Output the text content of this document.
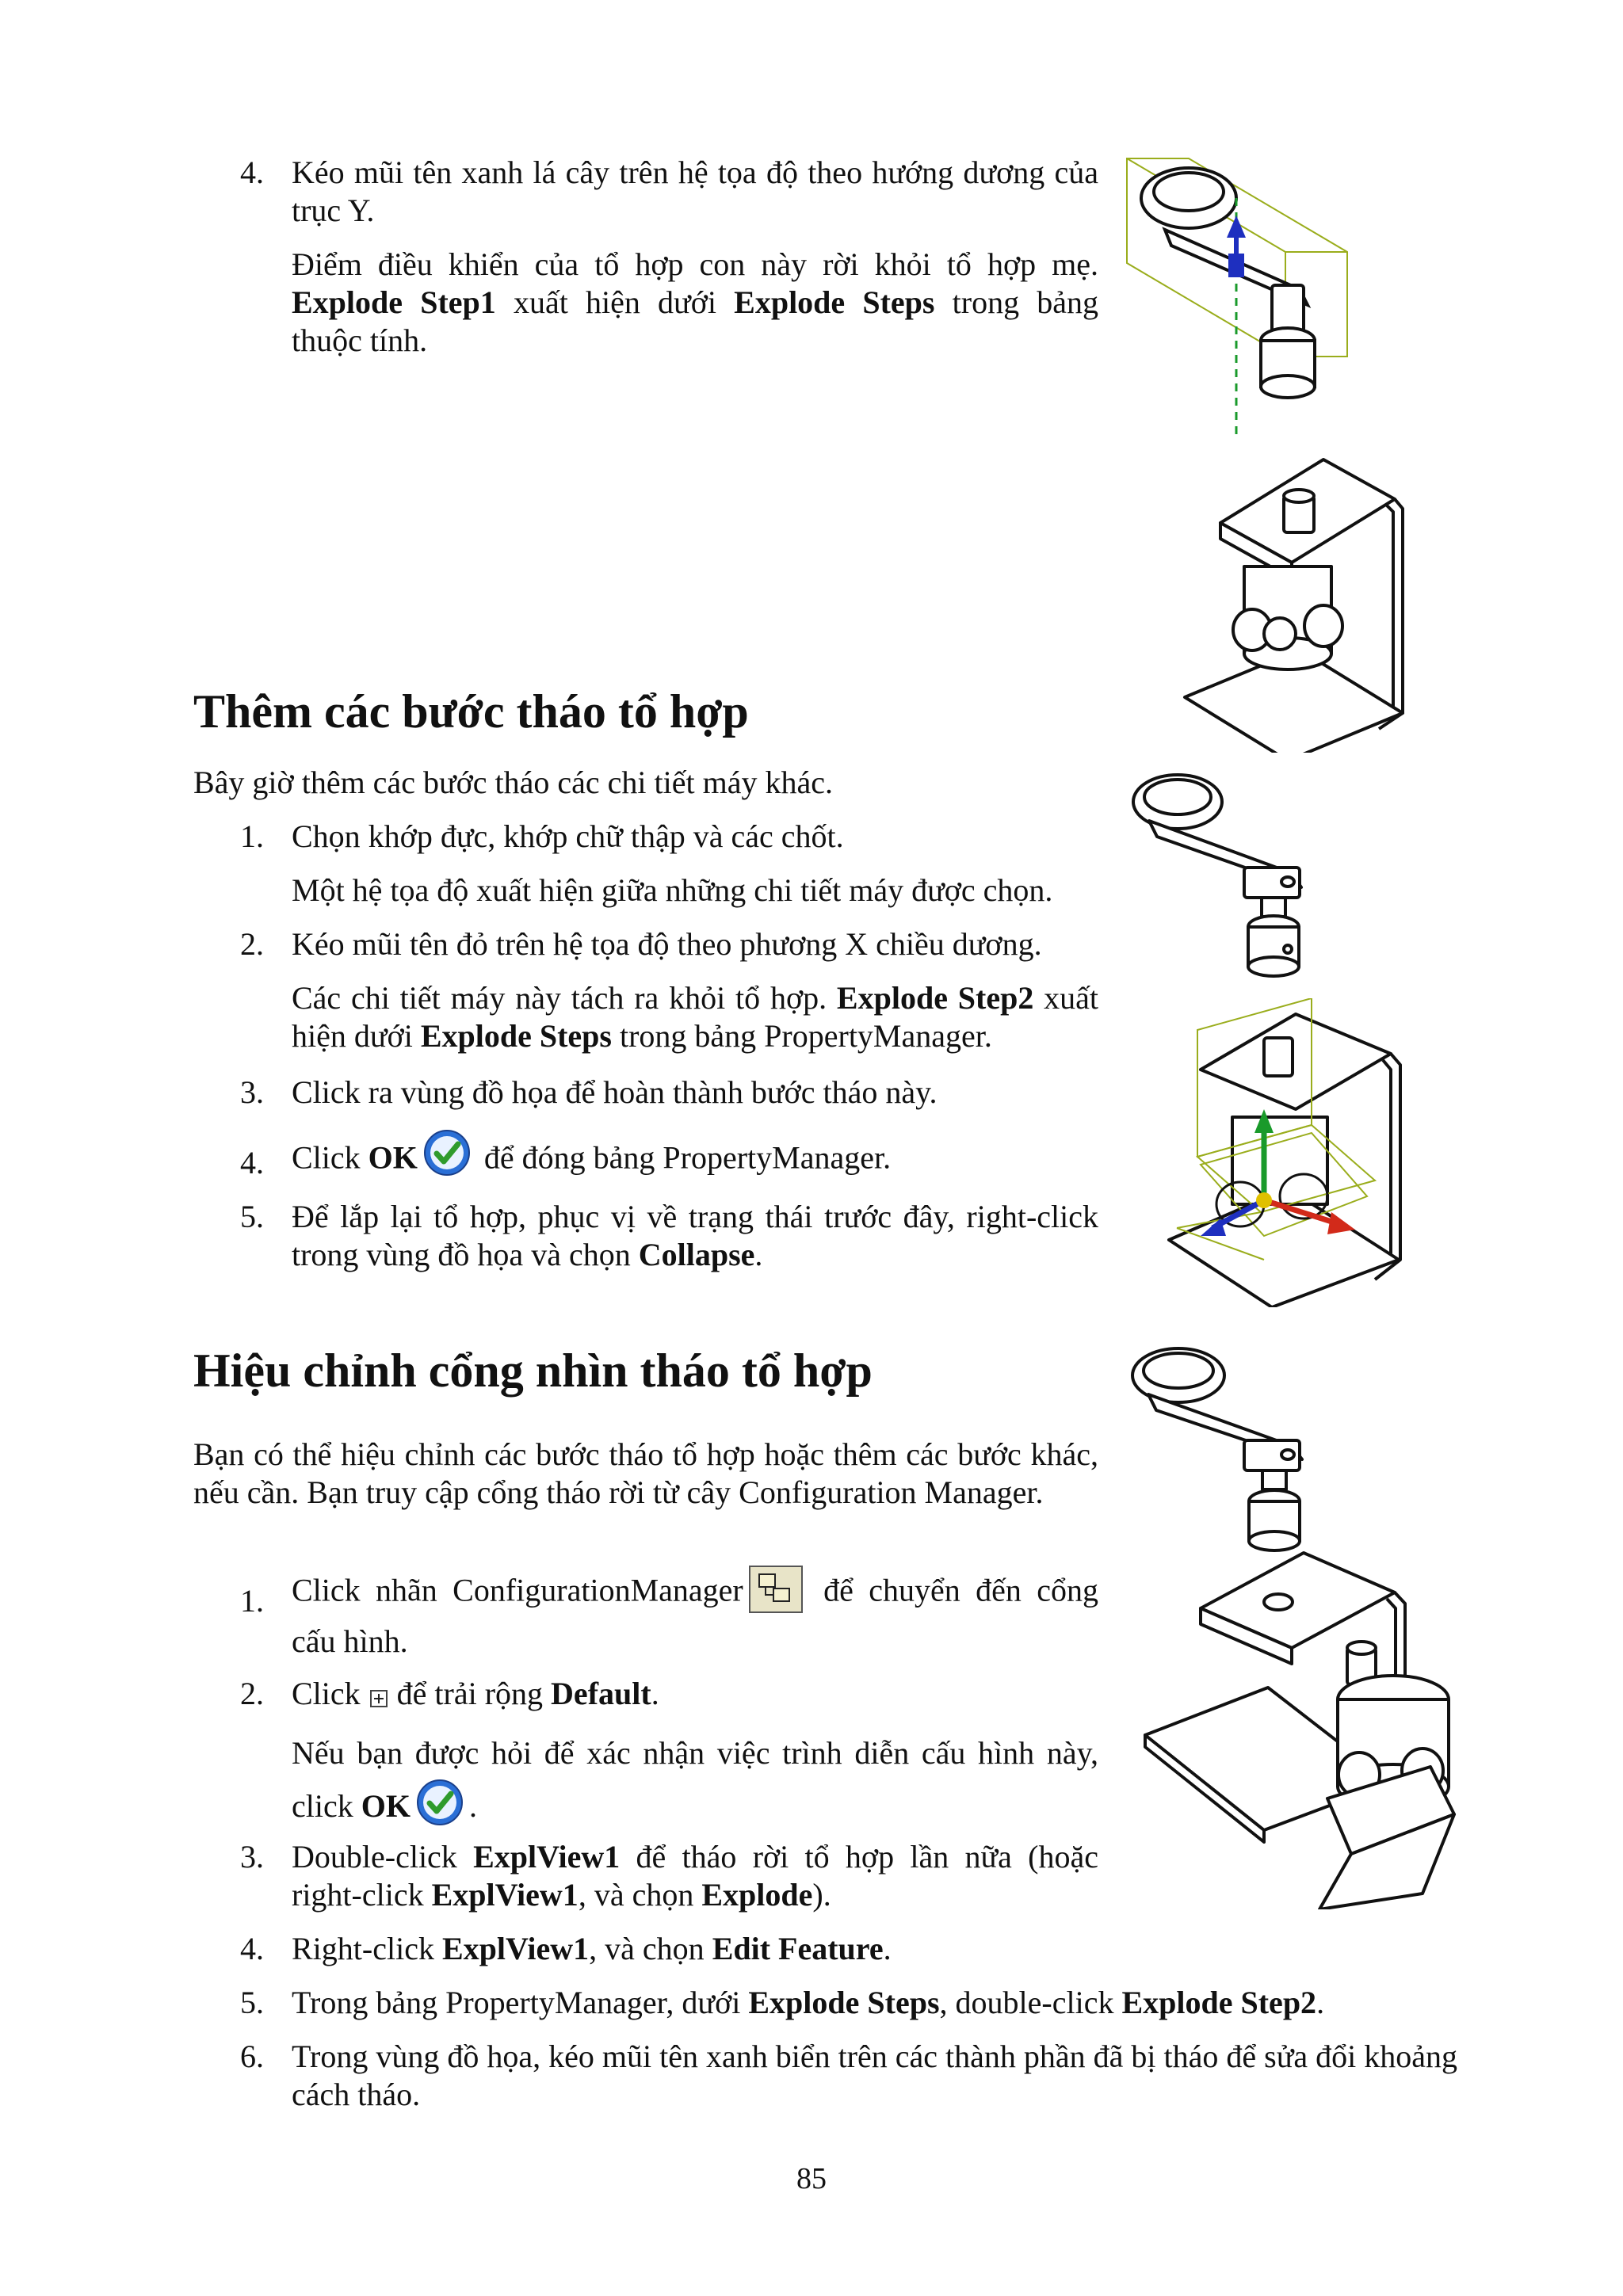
4. Kéo mũi tên xanh lá cây trên hệ tọa độ theo hướng dương của trục Y.

Điểm điều khiển của tổ hợp con này rời khỏi tổ hợp mẹ. Explode Step1 xuất hiện dưới Explode Steps trong bảng thuộc tính.

Thêm các bước tháo tổ hợp

Bây giờ thêm các bước tháo các chi tiết máy khác.

1. Chọn khớp đực, khớp chữ thập và các chốt.

Một hệ tọa độ xuất hiện giữa những chi tiết máy được chọn.

2. Kéo mũi tên đỏ trên hệ tọa độ theo phương X chiều dương.

Các chi tiết máy này tách ra khỏi tổ hợp. Explode Step2 xuất hiện dưới Explode Steps trong bảng PropertyManager.

3. Click ra vùng đồ họa để hoàn thành bước tháo này.

4. Click OK để đóng bảng PropertyManager.

5. Để lắp lại tổ hợp, phục vị về trạng thái trước đây, right-click trong vùng đồ họa và chọn Collapse.

Hiệu chỉnh cổng nhìn tháo tổ hợp

Bạn có thể hiệu chỉnh các bước tháo tổ hợp hoặc thêm các bước khác, nếu cần. Bạn truy cập cổng tháo rời từ cây Configuration Manager.

1. Click nhãn ConfigurationManager để chuyển đến cổng cấu hình.

2. Click  để trải rộng Default.

Nếu bạn được hỏi để xác nhận việc trình diễn cấu hình này, click OK .

3. Double-click ExplView1 để tháo rời tổ hợp lần nữa (hoặc right-click ExplView1, và chọn Explode).

4. Right-click ExplView1, và chọn Edit Feature.

5. Trong bảng PropertyManager, dưới Explode Steps, double-click Explode Step2.

6. Trong vùng đồ họa, kéo mũi tên xanh biển trên các thành phần đã bị tháo để sửa đổi khoảng cách tháo.

85
